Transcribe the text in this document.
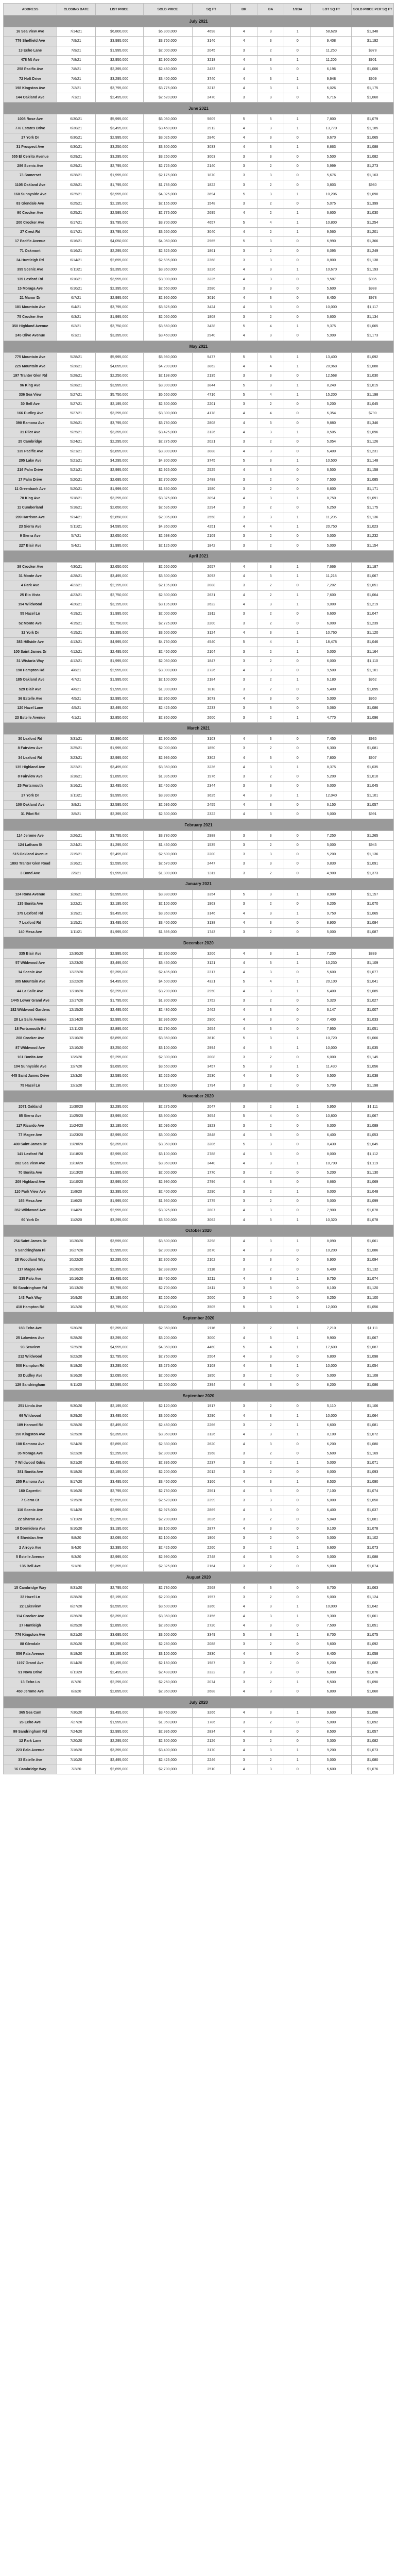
ADDRESS	CLOSING DATE	LIST PRICE	SOLD PRICE	SQ FT	BR	BA	1/2BA	LOT SQ FT	SOLD PRICE PER SQ FT
July 2021									
16 Sea View Ave	7/14/21	$6,800,000	$6,300,000	4698	4	3	1	58,628	$1,348
776 Sheffield Ave	7/9/21	$3,995,000	$3,750,000	3146	4	3	0	9,408	$1,192
13 Echo Lane	7/9/21	$1,995,000	$2,000,000	2045	3	2	0	11,250	$978
478 Mt Ave	7/8/21	$2,950,000	$2,900,000	3218	4	3	1	11,206	$901
258 Pacific Ave	7/8/21	$2,395,000	$2,450,000	2433	4	3	0	6,196	$1,006
72 Holt Drive	7/6/21	$3,295,000	$3,400,000	3740	4	3	1	9,948	$909
198 Kingston Ave	7/2/21	$3,795,000	$3,775,000	3213	4	3	1	6,026	$1,175
144 Oakland Ave	7/1/21	$2,495,000	$2,620,000	2470	3	3	0	6,716	$1,060
June 2021									
1008 Rose Ave	6/30/21	$5,995,000	$6,050,000	5609	5	5	1	7,800	$1,079
776 Estates Drive	6/30/21	$3,495,000	$3,450,000	2912	4	3	1	13,770	$1,185
27 York Dr	6/30/21	$2,995,000	$3,025,000	2840	4	3	0	9,670	$1,065
31 Prospect Ave	6/30/21	$3,250,000	$3,300,000	3033	4	3	1	8,863	$1,088
555 El Cerrito Avenue	6/29/21	$3,295,000	$3,250,000	3003	3	3	0	5,500	$1,082
286 Scenic Ave	6/29/21	$2,795,000	$2,725,000	2140	3	2	0	5,999	$1,273
73 Somerset	6/28/21	$1,995,000	$2,175,000	1870	3	3	0	5,676	$1,163
1105 Oakland Ave	6/28/21	$1,795,000	$1,785,000	1822	3	2	0	3,803	$980
160 Sunnyside Ave	6/25/21	$3,995,000	$4,025,000	3694	5	3	1	10,206	$1,090
83 Glendale Ave	6/25/21	$2,195,000	$2,165,000	1548	3	2	0	5,075	$1,399
90 Crocker Ave	6/25/21	$2,595,000	$2,775,000	2695	4	2	1	6,600	$1,030
200 Crocker Ave	6/17/21	$3,795,000	$3,700,000	4657	5	4	1	10,800	$1,254
27 Crest Rd	6/17/21	$3,795,000	$3,650,000	3040	4	2	1	9,560	$1,201
17 Pacific Avenue	6/16/21	$4,050,000	$4,050,000	2965	5	3	0	6,990	$1,366
71 Oakmont	6/16/21	$2,295,000	$2,325,000	1861	3	2	0	6,095	$1,249
34 Huntleigh Rd	6/14/21	$2,695,000	$2,695,000	2368	3	3	0	8,800	$1,138
395 Scenic Ave	6/11/21	$3,395,000	$3,850,000	3226	4	3	1	10,670	$1,193
135 Lexford Rd	6/10/21	$3,995,000	$3,900,000	3225	4	3	0	9,587	$985
15 Moraga Ave	6/10/21	$2,395,000	$2,550,000	2580	3	3	0	5,600	$988
21 Manor Dr	6/7/21	$2,995,000	$2,950,000	3016	4	3	0	8,450	$978
181 Mountain Ave	6/4/21	$3,795,000	$3,825,000	3424	4	3	0	10,000	$1,117
75 Crocker Ave	6/3/21	$1,995,000	$2,050,000	1808	3	2	0	5,600	$1,134
350 Highland Avenue	6/2/21	$3,750,000	$3,660,000	3438	5	4	1	9,375	$1,065
245 Olive Avenue	6/1/21	$3,395,000	$3,450,000	2940	4	3	0	5,999	$1,173
May 2021									
775 Mountain Ave	5/28/21	$5,995,000	$5,980,000	5477	5	5	1	13,400	$1,092
225 Mountain Ave	5/28/21	$4,095,000	$4,200,000	3862	4	4	1	20,968	$1,088
197 Tranter Glen Rd	5/28/21	$2,250,000	$2,198,000	2135	3	3	0	12,568	$1,030
96 King Ave	5/28/21	$3,995,000	$3,900,000	3844	5	3	1	8,240	$1,015
336 Sea View	5/27/21	$5,750,000	$5,650,000	4716	5	4	1	15,200	$1,198
30 Bell Ave	5/27/21	$2,195,000	$2,300,000	2201	3	2	0	5,200	$1,045
166 Dudley Ave	5/27/21	$3,295,000	$3,300,000	4178	4	4	0	6,354	$790
390 Ramona Ave	5/26/21	$3,795,000	$3,780,000	2808	4	3	0	9,880	$1,346
31 Pilot Ave	5/25/21	$3,395,000	$3,425,000	3126	4	3	1	8,505	$1,096
25 Cambridge	5/24/21	$2,295,000	$2,275,000	2021	3	2	0	5,054	$1,126
135 Pacific Ave	5/21/21	$3,895,000	$3,800,000	3088	4	3	0	6,400	$1,231
205 Lake Ave	5/21/21	$4,295,000	$4,300,000	3745	5	3	1	10,500	$1,148
216 Palm Drive	5/21/21	$2,995,000	$2,925,000	2525	4	3	0	6,500	$1,158
17 Palm Drive	5/20/21	$2,695,000	$2,700,000	2488	3	2	0	7,500	$1,085
11 Greenbank Ave	5/20/21	$1,999,000	$1,850,000	1580	3	2	0	6,600	$1,171
78 King Ave	5/18/21	$3,295,000	$3,375,000	3094	4	3	1	8,750	$1,091
11 Cumberland	5/18/21	$2,650,000	$2,695,000	2294	3	2	0	6,250	$1,175
209 Harrison Ave	5/14/21	$2,850,000	$2,905,000	2558	3	3	1	11,205	$1,136
23 Sierra Ave	5/11/21	$4,595,000	$4,350,000	4251	4	4	1	20,750	$1,023
9 Sierra Ave	5/7/21	$2,650,000	$2,598,000	2109	3	2	0	5,000	$1,232
227 Blair Ave	5/4/21	$1,995,000	$2,125,000	1842	3	2	0	5,000	$1,154
April 2021									
39 Crocker Ave	4/30/21	$2,650,000	$2,650,000	2657	4	3	1	7,666	$1,187
31 Monte Ave	4/28/21	$3,495,000	$3,300,000	3093	4	3	1	11,218	$1,067
4 Park Ave	4/23/21	$2,195,000	$2,195,000	2088	3	2	0	7,202	$1,051
25 Rio Vista	4/23/21	$2,750,000	$2,800,000	2631	4	2	1	7,600	$1,064
194 Wildwood	4/20/21	$3,195,000	$3,195,000	2622	4	3	1	9,000	$1,219
55 Hazel Ln	4/19/21	$1,995,000	$2,000,000	1911	3	2	0	6,600	$1,047
52 Monte Ave	4/15/21	$2,750,000	$2,725,000	2200	3	2	0	6,000	$1,239
32 York Dr	4/15/21	$3,395,000	$3,500,000	3124	4	3	1	10,760	$1,120
383 Hillside Ave	4/13/21	$4,995,000	$4,750,000	4540	5	4	1	18,478	$1,046
100 Saint James Dr	4/12/21	$2,495,000	$2,450,000	2104	3	2	1	5,000	$1,164
31 Wistaria Way	4/12/21	$1,995,000	$2,050,000	1847	3	2	0	6,000	$1,110
198 Hampton Rd	4/8/21	$2,995,000	$3,000,000	2726	4	3	0	9,500	$1,101
185 Oakland Ave	4/7/21	$1,995,000	$2,100,000	2184	3	2	1	6,180	$962
529 Blair Ave	4/6/21	$1,995,000	$1,990,000	1818	3	2	0	5,400	$1,095
36 Estelle Ave	4/5/21	$2,995,000	$2,950,000	3073	4	3	0	5,000	$960
120 Hazel Lane	4/5/21	$2,495,000	$2,425,000	2233	3	3	0	5,060	$1,086
23 Estelle Avenue	4/1/21	$2,850,000	$2,850,000	2600	3	2	1	4,770	$1,096
March 2021									
30 Lexford Rd	3/31/21	$2,990,000	$2,900,000	3103	4	3	0	7,450	$935
8 Fairview Ave	3/25/21	$1,995,000	$2,000,000	1850	3	2	0	6,300	$1,081
34 Lexford Rd	3/23/21	$2,995,000	$2,995,000	3302	4	3	0	7,800	$907
135 Highland Ave	3/22/21	$3,495,000	$3,350,000	3236	4	3	1	8,375	$1,035
8 Fairview Ave	3/18/21	$1,895,000	$1,995,000	1976	3	2	0	5,200	$1,010
25 Portsmouth	3/16/21	$2,495,000	$2,450,000	2344	3	3	0	6,000	$1,045
27 York Dr	3/11/21	$3,995,000	$3,990,000	3625	4	3	1	12,040	$1,101
100 Oakland Ave	3/9/21	$2,595,000	$2,595,000	2455	4	3	0	6,150	$1,057
31 Pilot Rd	3/5/21	$2,395,000	$2,300,000	2322	4	3	0	5,000	$991
February 2021									
114 Jerome Ave	2/26/21	$3,795,000	$3,780,000	2988	3	3	0	7,250	$1,265
124 Latham St	2/24/21	$1,295,000	$1,450,000	1535	3	2	0	5,000	$945
515 Oakland Avenue	2/19/21	$2,495,000	$2,500,000	2200	3	3	0	5,200	$1,136
1893 Tranter Glen Road	2/16/21	$2,595,000	$2,670,000	2447	3	3	0	9,830	$1,091
3 Bond Ave	2/9/21	$1,995,000	$1,800,000	1311	3	2	0	4,900	$1,373
January 2021									
124 Rona Avenue	1/28/21	$3,995,000	$3,880,000	3354	5	3	1	8,900	$1,157
135 Bonita Ave	1/22/21	$2,195,000	$2,100,000	1963	3	2	0	6,205	$1,070
175 Lexford Rd	1/19/21	$3,495,000	$3,350,000	3146	4	3	1	9,750	$1,065
7 Lexford Rd	1/15/21	$3,495,000	$3,400,000	3138	4	3	0	8,900	$1,084
140 Mesa Ave	1/11/21	$1,995,000	$1,895,000	1743	3	2	0	5,000	$1,087
December 2020									
335 Blair Ave	12/30/20	$2,995,000	$2,850,000	3206	4	3	1	7,200	$889
57 Wildwood Ave	12/23/20	$3,495,000	$3,460,000	3121	4	3	1	10,230	$1,109
14 Scenic Ave	12/22/20	$2,395,000	$2,495,000	2317	4	3	0	5,600	$1,077
305 Mountain Ave	12/22/20	$4,495,000	$4,500,000	4321	5	4	1	20,100	$1,041
44 La Salle Ave	12/18/20	$3,295,000	$3,200,000	2950	4	3	1	6,400	$1,085
1445 Lower Grand Ave	12/17/20	$1,795,000	$1,800,000	1752	3	2	0	5,320	$1,027
182 Wildwood Gardens	12/15/20	$2,495,000	$2,480,000	2462	4	3	0	6,147	$1,007
28 La Salle Avenue	12/14/20	$2,995,000	$2,995,000	2900	4	3	0	7,400	$1,033
18 Portsmouth Rd	12/11/20	$2,895,000	$2,790,000	2654	4	3	0	7,950	$1,051
208 Crocker Ave	12/10/20	$3,895,000	$3,850,000	3610	5	3	1	10,720	$1,066
87 Wildwood Ave	12/10/20	$3,250,000	$3,100,000	2994	4	3	1	10,000	$1,035
161 Bonita Ave	12/9/20	$2,295,000	$2,300,000	2008	3	2	0	6,000	$1,145
104 Sunnyside Ave	12/7/20	$3,695,000	$3,650,000	3457	5	3	1	11,430	$1,056
445 Saint James Drive	12/3/20	$2,595,000	$2,625,000	2530	4	3	0	6,500	$1,038
75 Hazel Ln	12/1/20	$2,195,000	$2,150,000	1794	3	2	0	5,700	$1,198
November 2020									
2071 Oakland	11/30/20	$2,295,000	$2,275,000	2047	3	2	1	5,950	$1,111
85 Sierra Ave	11/25/20	$3,995,000	$3,900,000	3654	5	4	0	10,800	$1,067
117 Ricardo Ave	11/24/20	$2,195,000	$2,095,000	1923	3	2	0	6,300	$1,089
77 Magee Ave	11/23/20	$2,995,000	$3,000,000	2848	4	3	0	6,400	$1,053
400 Saint James Dr	11/20/20	$3,395,000	$3,350,000	3206	5	3	0	8,430	$1,045
141 Lexford Rd	11/18/20	$2,995,000	$3,100,000	2788	4	3	0	8,000	$1,112
282 Sea View Ave	11/16/20	$3,995,000	$3,850,000	3440	4	3	1	10,790	$1,119
70 Bonita Ave	11/13/20	$1,995,000	$2,000,000	1770	3	2	0	5,200	$1,130
209 Highland Ave	11/10/20	$2,995,000	$2,990,000	2796	4	3	0	6,660	$1,069
110 Park View Ave	11/9/20	$2,395,000	$2,400,000	2290	3	2	1	6,000	$1,048
165 Mesa Ave	11/6/20	$1,995,000	$1,950,000	1775	3	2	0	5,000	$1,099
352 Wildwood Ave	11/4/20	$2,995,000	$3,025,000	2807	4	3	0	7,900	$1,078
60 York Dr	11/2/20	$3,295,000	$3,300,000	3062	4	3	1	10,320	$1,078
October 2020									
254 Saint James Dr	10/30/20	$3,595,000	$3,500,000	3298	4	3	1	8,090	$1,061
5 Sandringham Pl	10/27/20	$2,995,000	$2,900,000	2670	4	3	0	10,200	$1,086
28 Woodland Way	10/22/20	$2,295,000	$2,300,000	2102	3	3	0	6,900	$1,094
117 Magee Ave	10/20/20	$2,395,000	$2,398,000	2118	3	2	0	6,400	$1,132
235 Palo Ave	10/16/20	$3,495,000	$3,450,000	3211	4	3	1	9,750	$1,074
50 Sandringham Rd	10/13/20	$2,795,000	$2,700,000	2411	3	3	0	8,100	$1,120
143 Park Way	10/9/20	$2,195,000	$2,200,000	2000	3	2	0	6,250	$1,100
410 Hampton Rd	10/2/20	$3,795,000	$3,700,000	3505	5	3	1	12,000	$1,056
September 2020									
183 Echo Ave	9/30/20	$2,395,000	$2,350,000	2116	3	2	1	7,210	$1,111
25 Lakeview Ave	9/28/20	$3,295,000	$3,200,000	3000	4	3	1	9,900	$1,067
93 Seaview	9/25/20	$4,995,000	$4,850,000	4460	5	4	1	17,600	$1,087
212 Wildwood	9/22/20	$2,795,000	$2,750,000	2504	4	3	0	6,800	$1,098
500 Hampton Rd	9/18/20	$3,295,000	$3,275,000	3108	4	3	1	10,000	$1,054
33 Dudley Ave	9/16/20	$2,095,000	$2,050,000	1850	3	2	0	5,000	$1,108
129 Sandringham	9/11/20	$2,595,000	$2,600,000	2394	4	3	0	8,200	$1,086
September 2020									
251 Linda Ave	9/30/20	$2,195,000	$2,120,000	1917	3	2	0	5,110	$1,106
69 Wildwood	9/29/20	$3,495,000	$3,500,000	3290	4	3	1	10,000	$1,064
189 Harvard Rd	9/28/20	$2,495,000	$2,450,000	2266	3	2	1	6,600	$1,081
150 Kingston Ave	9/25/20	$3,395,000	$3,350,000	3126	4	3	1	8,100	$1,072
108 Ramona Ave	9/24/20	$2,895,000	$2,830,000	2620	4	3	0	6,200	$1,080
35 Moraga Ave	9/22/20	$2,295,000	$2,300,000	1968	3	2	0	5,600	$1,169
7 Wildwood Gdns	9/21/20	$2,495,000	$2,395,000	2237	3	2	1	5,000	$1,071
381 Bonita Ave	9/18/20	$2,195,000	$2,200,000	2012	3	2	0	6,000	$1,093
255 Ramona Ave	9/17/20	$3,495,000	$3,450,000	3166	4	3	1	8,530	$1,090
160 Capertini	9/16/20	$2,795,000	$2,750,000	2561	4	3	0	7,100	$1,074
7 Sierra Ct	9/15/20	$2,595,000	$2,520,000	2399	3	3	0	6,000	$1,050
110 Scenic Ave	9/14/20	$2,995,000	$2,975,000	2869	4	3	0	6,400	$1,037
22 Sharon Ave	9/11/20	$2,295,000	$2,200,000	2036	3	2	0	5,040	$1,081
19 Dormidera Ave	9/10/20	$3,195,000	$3,100,000	2877	4	3	0	9,100	$1,078
6 Sheridan Ave	9/8/20	$2,095,000	$2,100,000	1906	3	2	0	5,000	$1,102
2 Arroyo Ave	9/4/20	$2,395,000	$2,425,000	2260	3	2	1	6,600	$1,073
5 Estelle Avenue	9/3/20	$2,995,000	$2,990,000	2748	4	3	0	5,000	$1,088
135 Bell Ave	9/1/20	$2,395,000	$2,325,000	2164	3	2	0	5,000	$1,074
August 2020									
15 Cambridge Way	8/31/20	$2,795,000	$2,730,000	2568	4	3	0	6,700	$1,063
32 Hazel Ln	8/28/20	$2,195,000	$2,200,000	1957	3	2	0	5,000	$1,124
22 Lakeview	8/27/20	$3,595,000	$3,500,000	3360	4	3	1	10,000	$1,042
114 Crocker Ave	8/26/20	$3,395,000	$3,350,000	3156	4	3	1	9,300	$1,061
27 Huntleigh	8/25/20	$2,895,000	$2,860,000	2720	4	3	0	7,500	$1,051
776 Kingston Ave	8/21/20	$3,695,000	$3,600,000	3349	5	3	1	8,700	$1,075
88 Glendale	8/20/20	$2,295,000	$2,280,000	2088	3	2	0	5,600	$1,092
556 Pala Avenue	8/18/20	$3,195,000	$3,100,000	2930	4	3	0	8,400	$1,058
1197 Grand Ave	8/14/20	$2,195,000	$2,150,000	1987	3	2	0	5,200	$1,082
91 Nova Drive	8/11/20	$2,495,000	$2,498,000	2322	3	3	0	6,000	$1,076
13 Echo Ln	8/7/20	$2,295,000	$2,260,000	2074	3	2	1	6,500	$1,090
450 Jerome Ave	8/3/20	$2,895,000	$2,850,000	2688	4	3	0	6,800	$1,060
July 2020									
365 Sea Cam	7/30/20	$3,495,000	$3,450,000	3266	4	3	1	9,600	$1,056
26 Echo Ave	7/27/20	$1,995,000	$1,950,000	1786	3	2	0	5,000	$1,092
99 Sandringham Rd	7/24/20	$2,995,000	$2,995,000	2834	4	3	0	8,500	$1,057
12 Park Lane	7/20/20	$2,295,000	$2,300,000	2126	3	2	0	5,300	$1,082
223 Palo Avenue	7/16/20	$3,395,000	$3,400,000	3170	4	3	1	9,200	$1,073
33 Estelle Ave	7/10/20	$2,495,000	$2,425,000	2246	3	2	1	5,000	$1,080
16 Cambridge Way	7/2/20	$2,695,000	$2,700,000	2510	4	3	0	6,600	$1,076
